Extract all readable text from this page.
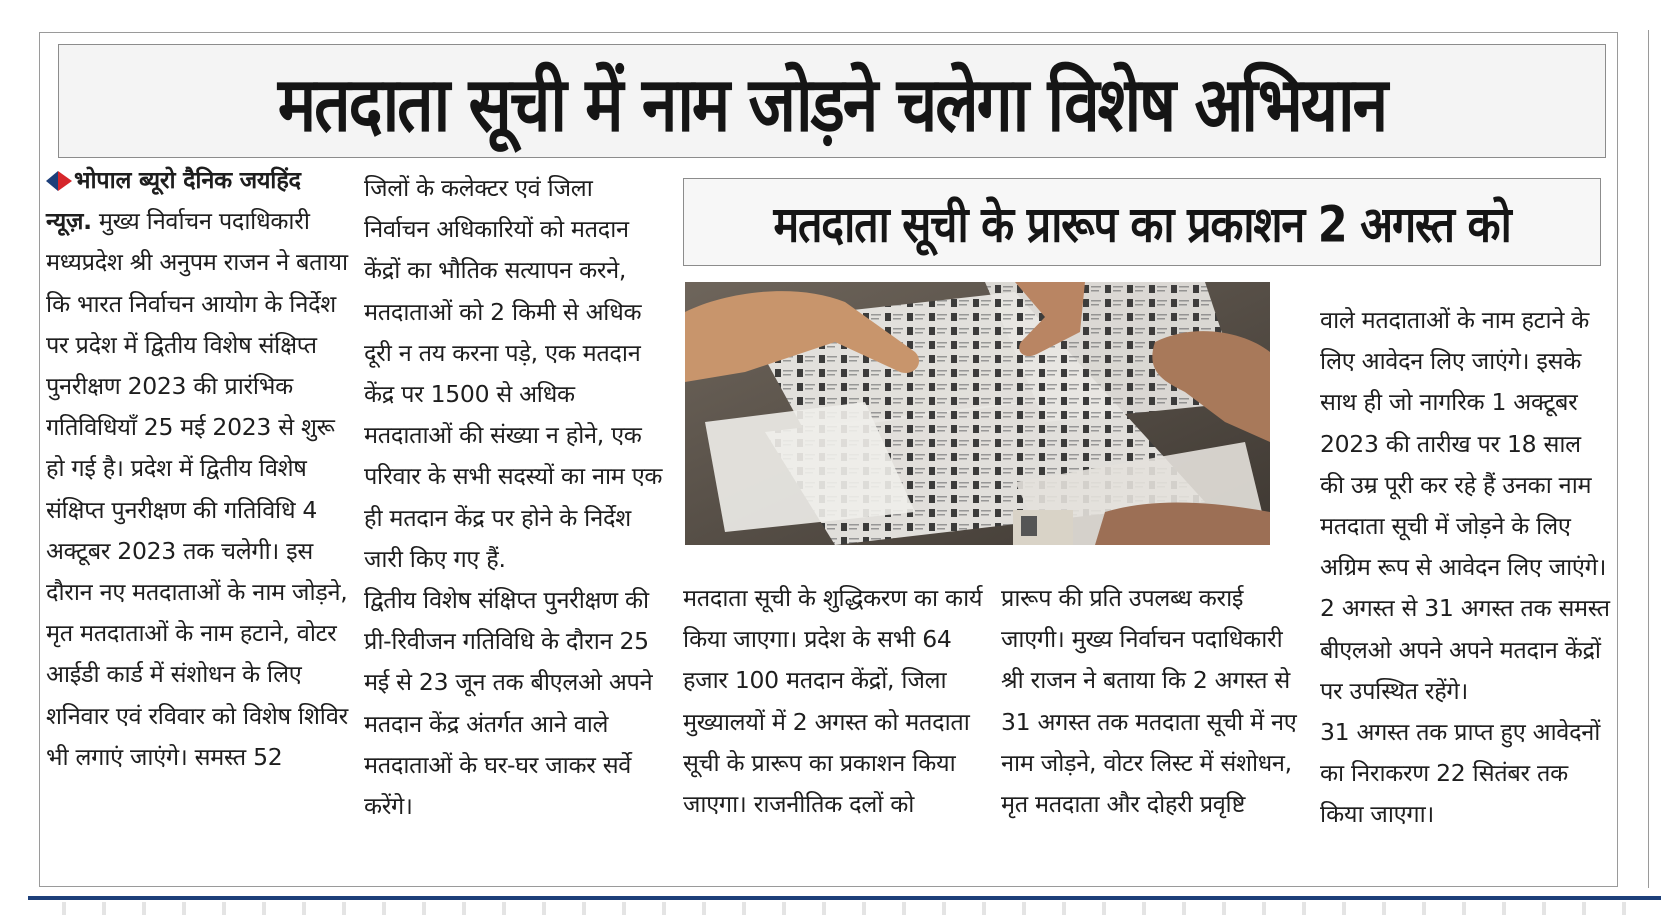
मतदाता सूची में नाम जोड़ने चलेगा विशेष अभियान
भोपाल ब्यूरो दैनिक जयहिंद न्यूज़. मुख्य निर्वाचन पदाधिकारी मध्यप्रदेश श्री अनुपम राजन ने बताया कि भारत निर्वाचन आयोग के निर्देश पर प्रदेश में द्वितीय विशेष संक्षिप्त पुनरीक्षण 2023 की प्रारंभिक गतिविधियाँ 25 मई 2023 से शुरू हो गई है। प्रदेश में द्वितीय विशेष संक्षिप्त पुनरीक्षण की गतिविधि 4 अक्टूबर 2023 तक चलेगी। इस दौरान नए मतदाताओं के नाम जोड़ने, मृत मतदाताओं के नाम हटाने, वोटर आईडी कार्ड में संशोधन के लिए शनिवार एवं रविवार को विशेष शिविर भी लगाएं जाएंगे। समस्त 52
जिलों के कलेक्टर एवं जिला निर्वाचन अधिकारियों को मतदान केंद्रों का भौतिक सत्यापन करने, मतदाताओं को 2 किमी से अधिक दूरी न तय करना पड़े, एक मतदान केंद्र पर 1500 से अधिक मतदाताओं की संख्या न होने, एक परिवार के सभी सदस्यों का नाम एक ही मतदान केंद्र पर होने के निर्देश जारी किए गए हैं.
द्वितीय विशेष संक्षिप्त पुनरीक्षण की प्री-रिवीजन गतिविधि के दौरान 25 मई से 23 जून तक बीएलओ अपने मतदान केंद्र अंतर्गत आने वाले मतदाताओं के घर-घर जाकर सर्वे करेंगे।
मतदाता सूची के प्रारूप का प्रकाशन 2 अगस्त को
मतदाता सूची के शुद्धिकरण का कार्य किया जाएगा। प्रदेश के सभी 64 हजार 100 मतदान केंद्रों, जिला मुख्यालयों में 2 अगस्त को मतदाता सूची के प्रारूप का प्रकाशन किया जाएगा। राजनीतिक दलों को
प्रारूप की प्रति उपलब्ध कराई जाएगी। मुख्य निर्वाचन पदाधिकारी श्री राजन ने बताया कि 2 अगस्त से 31 अगस्त तक मतदाता सूची में नए नाम जोड़ने, वोटर लिस्ट में संशोधन, मृत मतदाता और दोहरी प्रवृष्टि
वाले मतदाताओं के नाम हटाने के लिए आवेदन लिए जाएंगे। इसके साथ ही जो नागरिक 1 अक्टूबर 2023 की तारीख पर 18 साल की उम्र पूरी कर रहे हैं उनका नाम मतदाता सूची में जोड़ने के लिए अग्रिम रूप से आवेदन लिए जाएंगे।
2 अगस्त से 31 अगस्त तक समस्त बीएलओ अपने अपने मतदान केंद्रों पर उपस्थित रहेंगे।
31 अगस्त तक प्राप्त हुए आवेदनों का निराकरण 22 सितंबर तक किया जाएगा।
